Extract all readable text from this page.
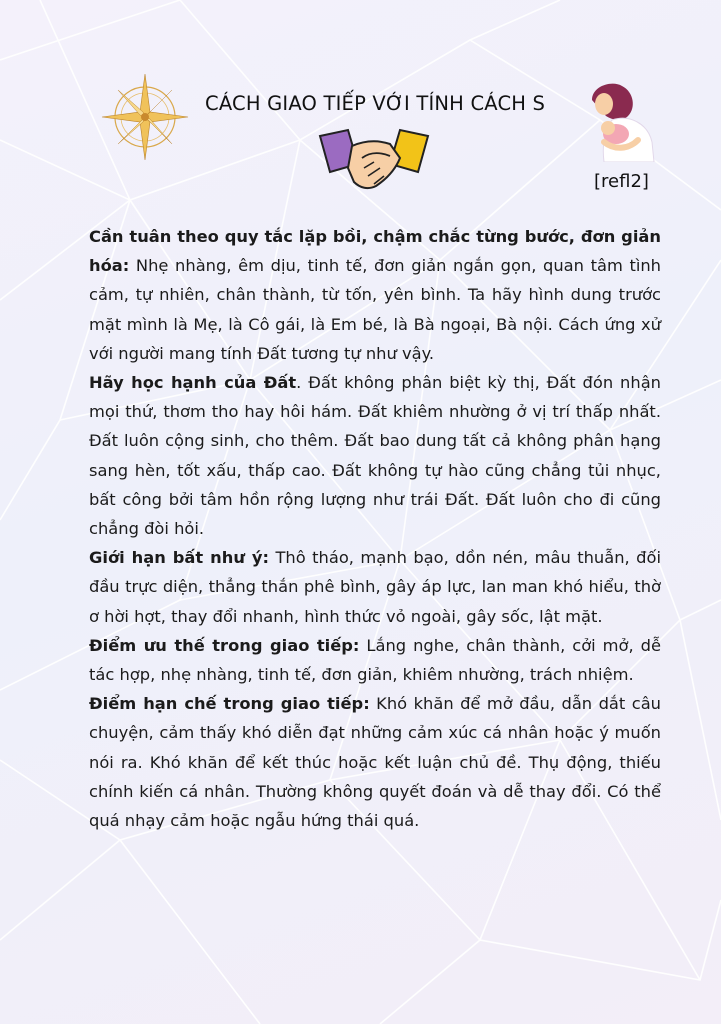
CÁCH GIAO TIẾP VỚI TÍNH CÁCH S
[refl2]

Cần tuân theo quy tắc lặp bồi, chậm chắc từng bước, đơn giản hóa: Nhẹ nhàng, êm dịu, tinh tế, đơn giản ngắn gọn, quan tâm tình cảm, tự nhiên, chân thành, từ tốn, yên bình. Ta hãy hình dung trước mặt mình là Mẹ, là Cô gái, là Em bé, là Bà ngoại, Bà nội. Cách ứng xử với người mang tính Đất tương tự như vậy.

Hãy học hạnh của Đất. Đất không phân biệt kỳ thị, Đất đón nhận mọi thứ, thơm tho hay hôi hám. Đất khiêm nhường ở vị trí thấp nhất. Đất luôn cộng sinh, cho thêm. Đất bao dung tất cả không phân hạng sang hèn, tốt xấu, thấp cao. Đất không tự hào cũng chẳng tủi nhục, bất công bởi tâm hồn rộng lượng như trái Đất. Đất luôn cho đi cũng chẳng đòi hỏi.

Giới hạn bất như ý: Thô tháo, mạnh bạo, dồn nén, mâu thuẫn, đối đầu trực diện, thẳng thắn phê bình, gây áp lực, lan man khó hiểu, thờ ơ hời hợt, thay đổi nhanh, hình thức vỏ ngoài, gây sốc, lật mặt.

Điểm ưu thế trong giao tiếp: Lắng nghe, chân thành, cởi mở, dễ tác hợp, nhẹ nhàng, tinh tế, đơn giản, khiêm nhường, trách nhiệm.

Điểm hạn chế trong giao tiếp: Khó khăn để mở đầu, dẫn dắt câu chuyện, cảm thấy khó diễn đạt những cảm xúc cá nhân hoặc ý muốn nói ra. Khó khăn để kết thúc hoặc kết luận chủ đề. Thụ động, thiếu chính kiến cá nhân. Thường không quyết đoán và dễ thay đổi. Có thể quá nhạy cảm hoặc ngẫu hứng thái quá.
